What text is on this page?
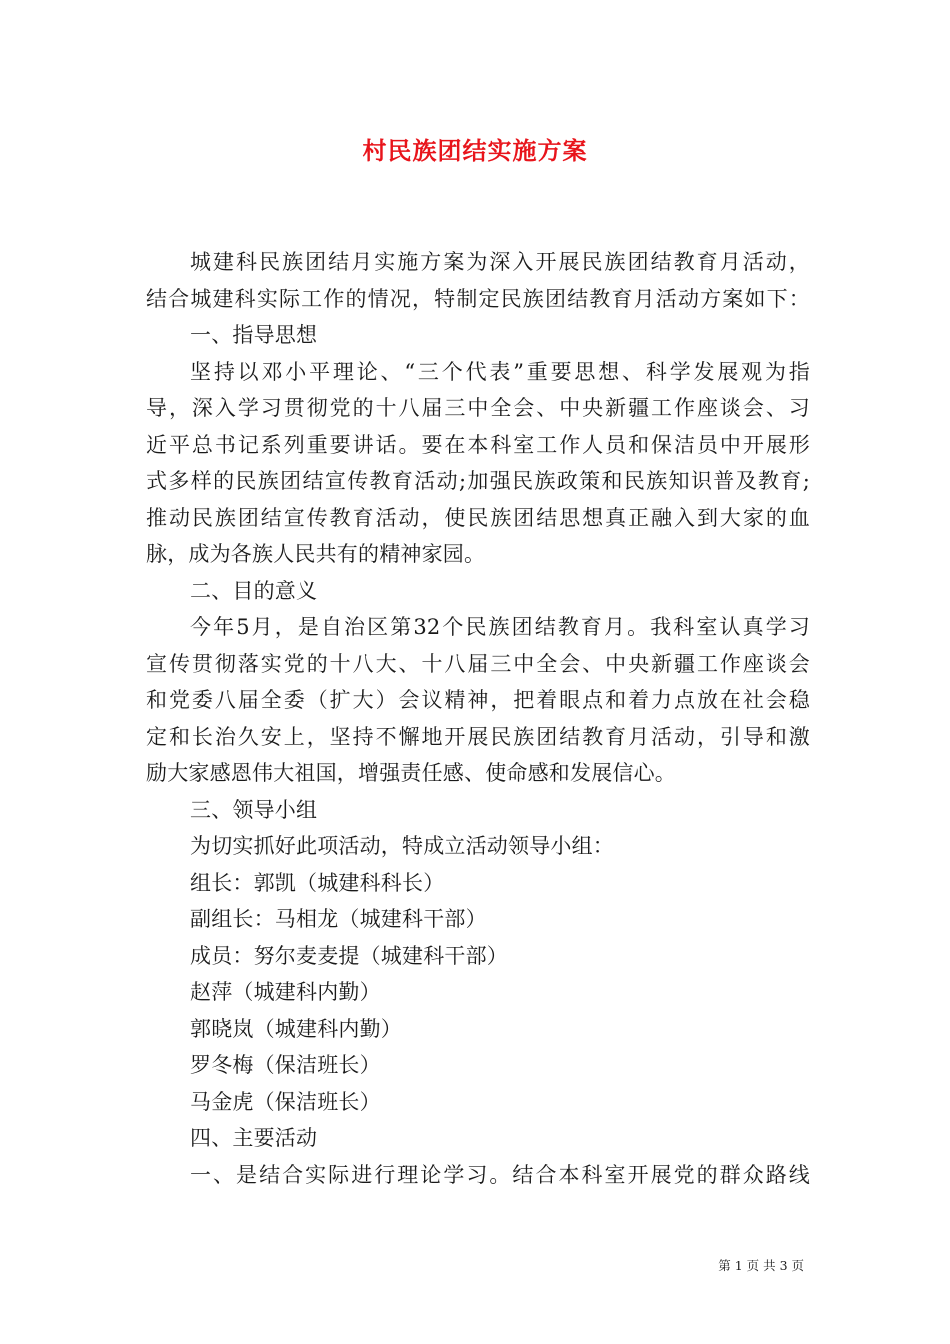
村民族团结实施方案
城建科民族团结月实施方案为深入开展民族团结教育月活动，
结合城建科实际工作的情况，特制定民族团结教育月活动方案如下：
一、指导思想
坚持以邓小平理论、“三个代表”重要思想、科学发展观为指
导，深入学习贯彻党的十八届三中全会、中央新疆工作座谈会、习
近平总书记系列重要讲话。要在本科室工作人员和保洁员中开展形
式多样的民族团结宣传教育活动;加强民族政策和民族知识普及教育;
推动民族团结宣传教育活动，使民族团结思想真正融入到大家的血
脉，成为各族人民共有的精神家园。
二、目的意义
今年5月，是自治区第32个民族团结教育月。我科室认真学习
宣传贯彻落实党的十八大、十八届三中全会、中央新疆工作座谈会
和党委八届全委（扩大）会议精神，把着眼点和着力点放在社会稳
定和长治久安上，坚持不懈地开展民族团结教育月活动，引导和激
励大家感恩伟大祖国，增强责任感、使命感和发展信心。
三、领导小组
为切实抓好此项活动，特成立活动领导小组：
组长：郭凯（城建科科长）
副组长：马相龙（城建科干部）
成员：努尔麦麦提（城建科干部）
赵萍（城建科内勤）
郭晓岚（城建科内勤）
罗冬梅（保洁班长）
马金虎（保洁班长）
四、主要活动
一、是结合实际进行理论学习。结合本科室开展党的群众路线
第 1 页 共 3 页
